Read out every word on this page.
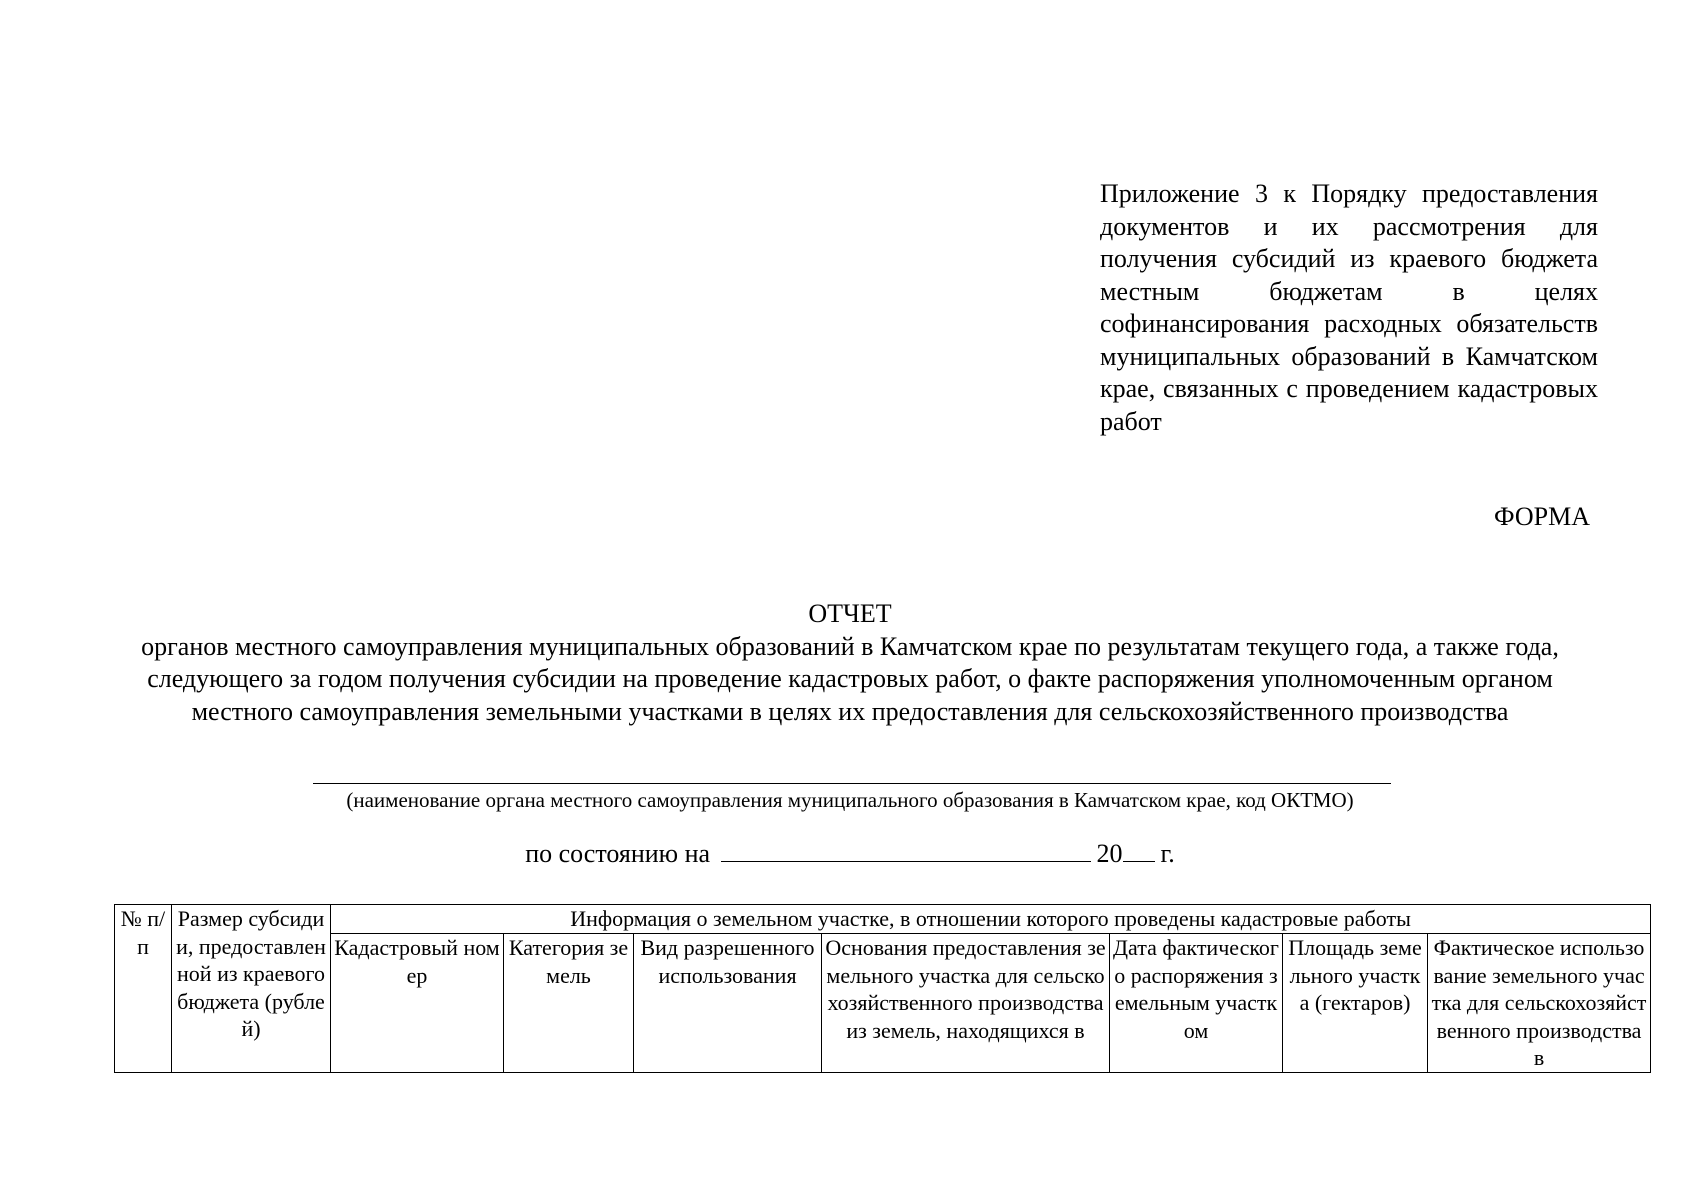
Приложение 3 к Порядку предоставления документов и их рассмотрения для получения субсидий из краевого бюджета местным бюджетам в целях софинансирования расходных обязательств муниципальных образований в Камчатском крае, связанных с проведением кадастровых работ
ФОРМА
ОТЧЕТ
органов местного самоуправления муниципальных образований в Камчатском крае по результатам текущего года, а также года, следующего за годом получения субсидии на проведение кадастровых работ, о факте распоряжения уполномоченным органом местного самоуправления земельными участками в целях их предоставления для сельскохозяйственного производства
(наименование органа местного самоуправления муниципального образования в Камчатском крае, код ОКТМО)
по состоянию на	20 г.
№ п/п	Размер субсидии, предоставленной из краевого бюджета (рублей)	Информация о земельном участке, в отношении которого проведены кадастровые работы						
		Кадастровый номер	Категория земель	Вид разрешенного использования	Основания предоставления земельного участка для сельскохозяйственного производства из земель, находящихся в	Дата фактического распоряжения земельным участком	Площадь земельного участка (гектаров)	Фактическое использование земельного участка для сельскохозяйственного производства в
